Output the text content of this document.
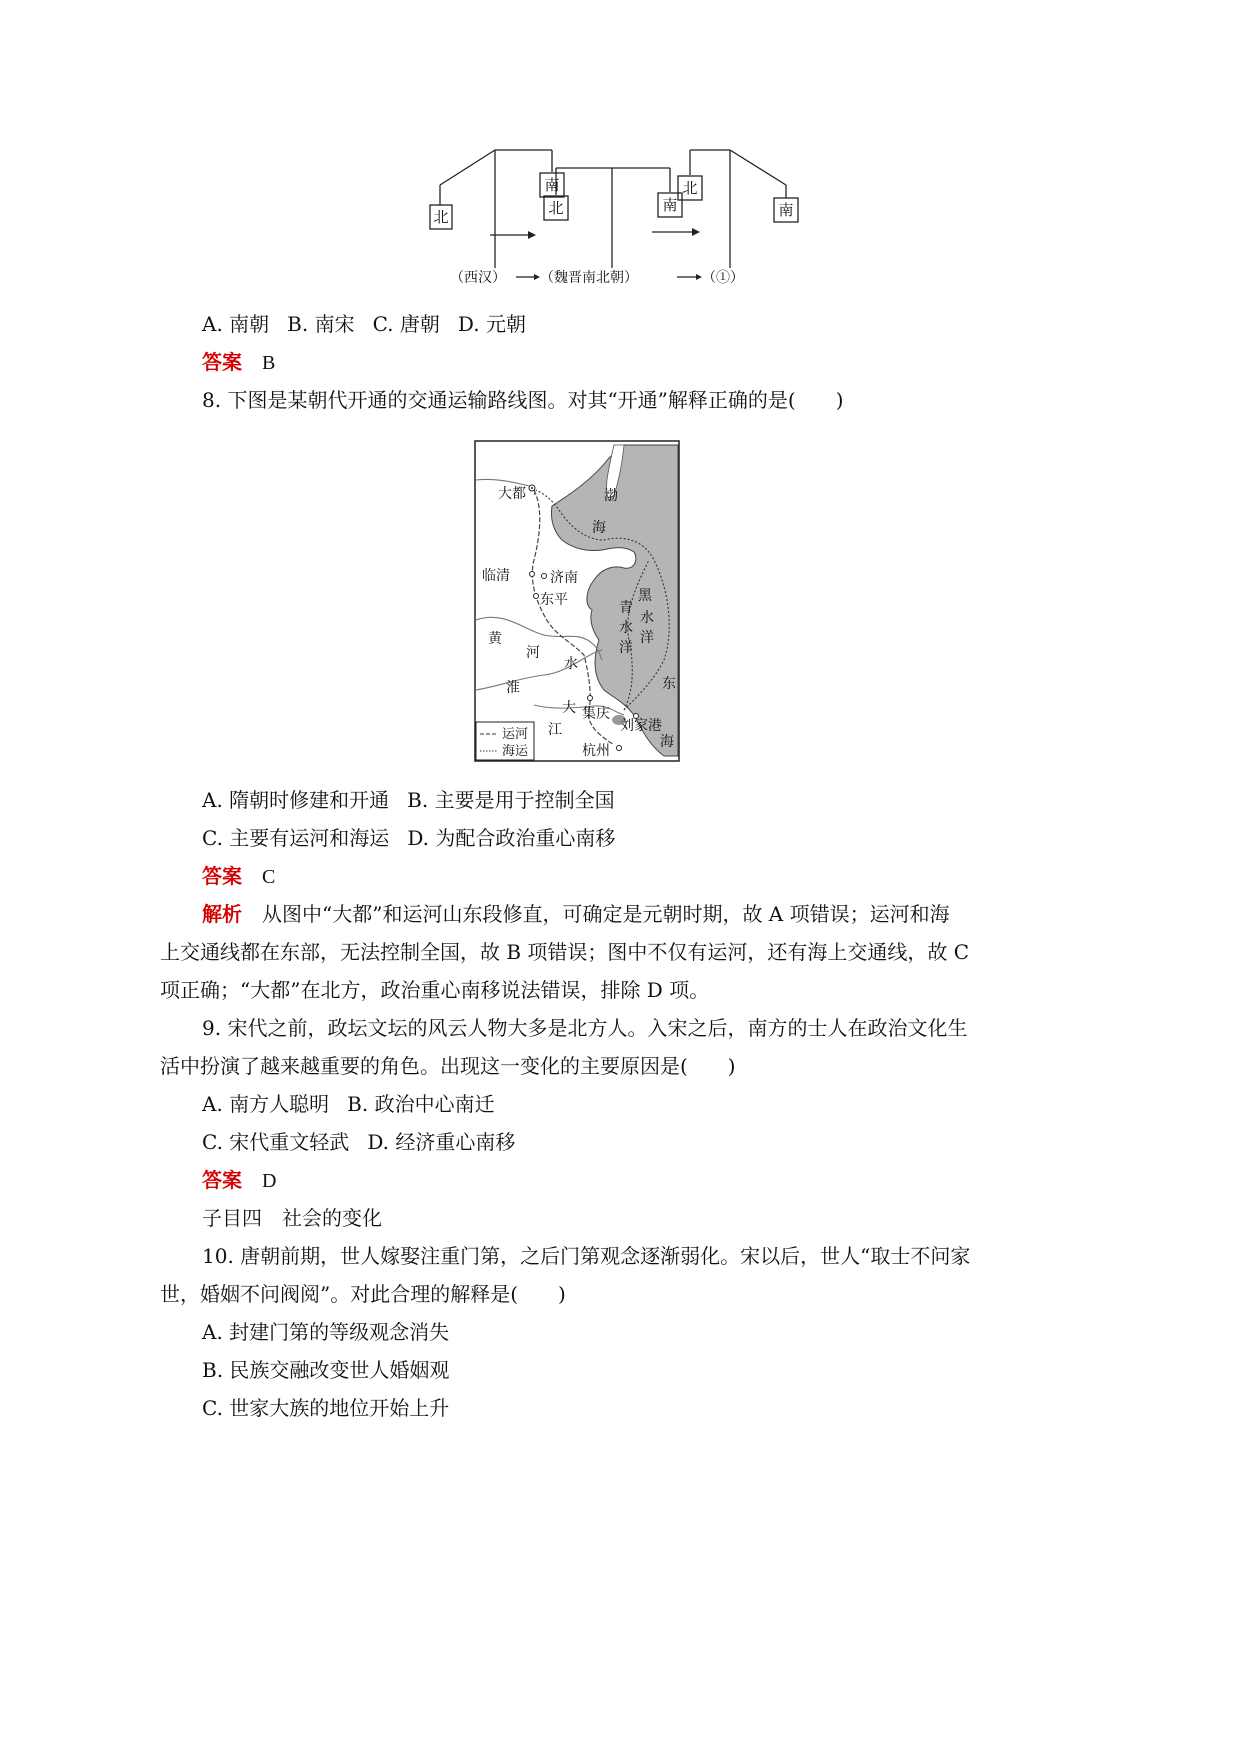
北
南
北	南
北
南
（西汉） （魏晋南北朝）	（①）
A. 南朝 B. 南宋 C. 唐朝 D. 元朝
答案 B
8. 下图是某朝代开通的交通运输路线图。对其“开通”解释正确的是(　　)
大都	渤
海
临清	济南
东平	青
水
洋
黑
水
洋
黄
河
水
淮
大
江
集庆
刘家港
东
海
杭州
运河
海运
A. 隋朝时修建和开通 B. 主要是用于控制全国
C. 主要有运河和海运 D. 为配合政治重心南移
答案 C
解析 从图中“大都”和运河山东段修直，可确定是元朝时期，故 A 项错误；运河和海
上交通线都在东部，无法控制全国，故 B 项错误；图中不仅有运河，还有海上交通线，故 C
项正确；“大都”在北方，政治重心南移说法错误，排除 D 项。
9. 宋代之前，政坛文坛的风云人物大多是北方人。入宋之后，南方的士人在政治文化生
活中扮演了越来越重要的角色。出现这一变化的主要原因是(　　)
A. 南方人聪明 B. 政治中心南迁
C. 宋代重文轻武 D. 经济重心南移
答案 D
子目四　社会的变化
10. 唐朝前期，世人嫁娶注重门第，之后门第观念逐渐弱化。宋以后，世人“取士不问家
世，婚姻不问阀阅”。对此合理的解释是(　　)
A. 封建门第的等级观念消失
B. 民族交融改变世人婚姻观
C. 世家大族的地位开始上升
